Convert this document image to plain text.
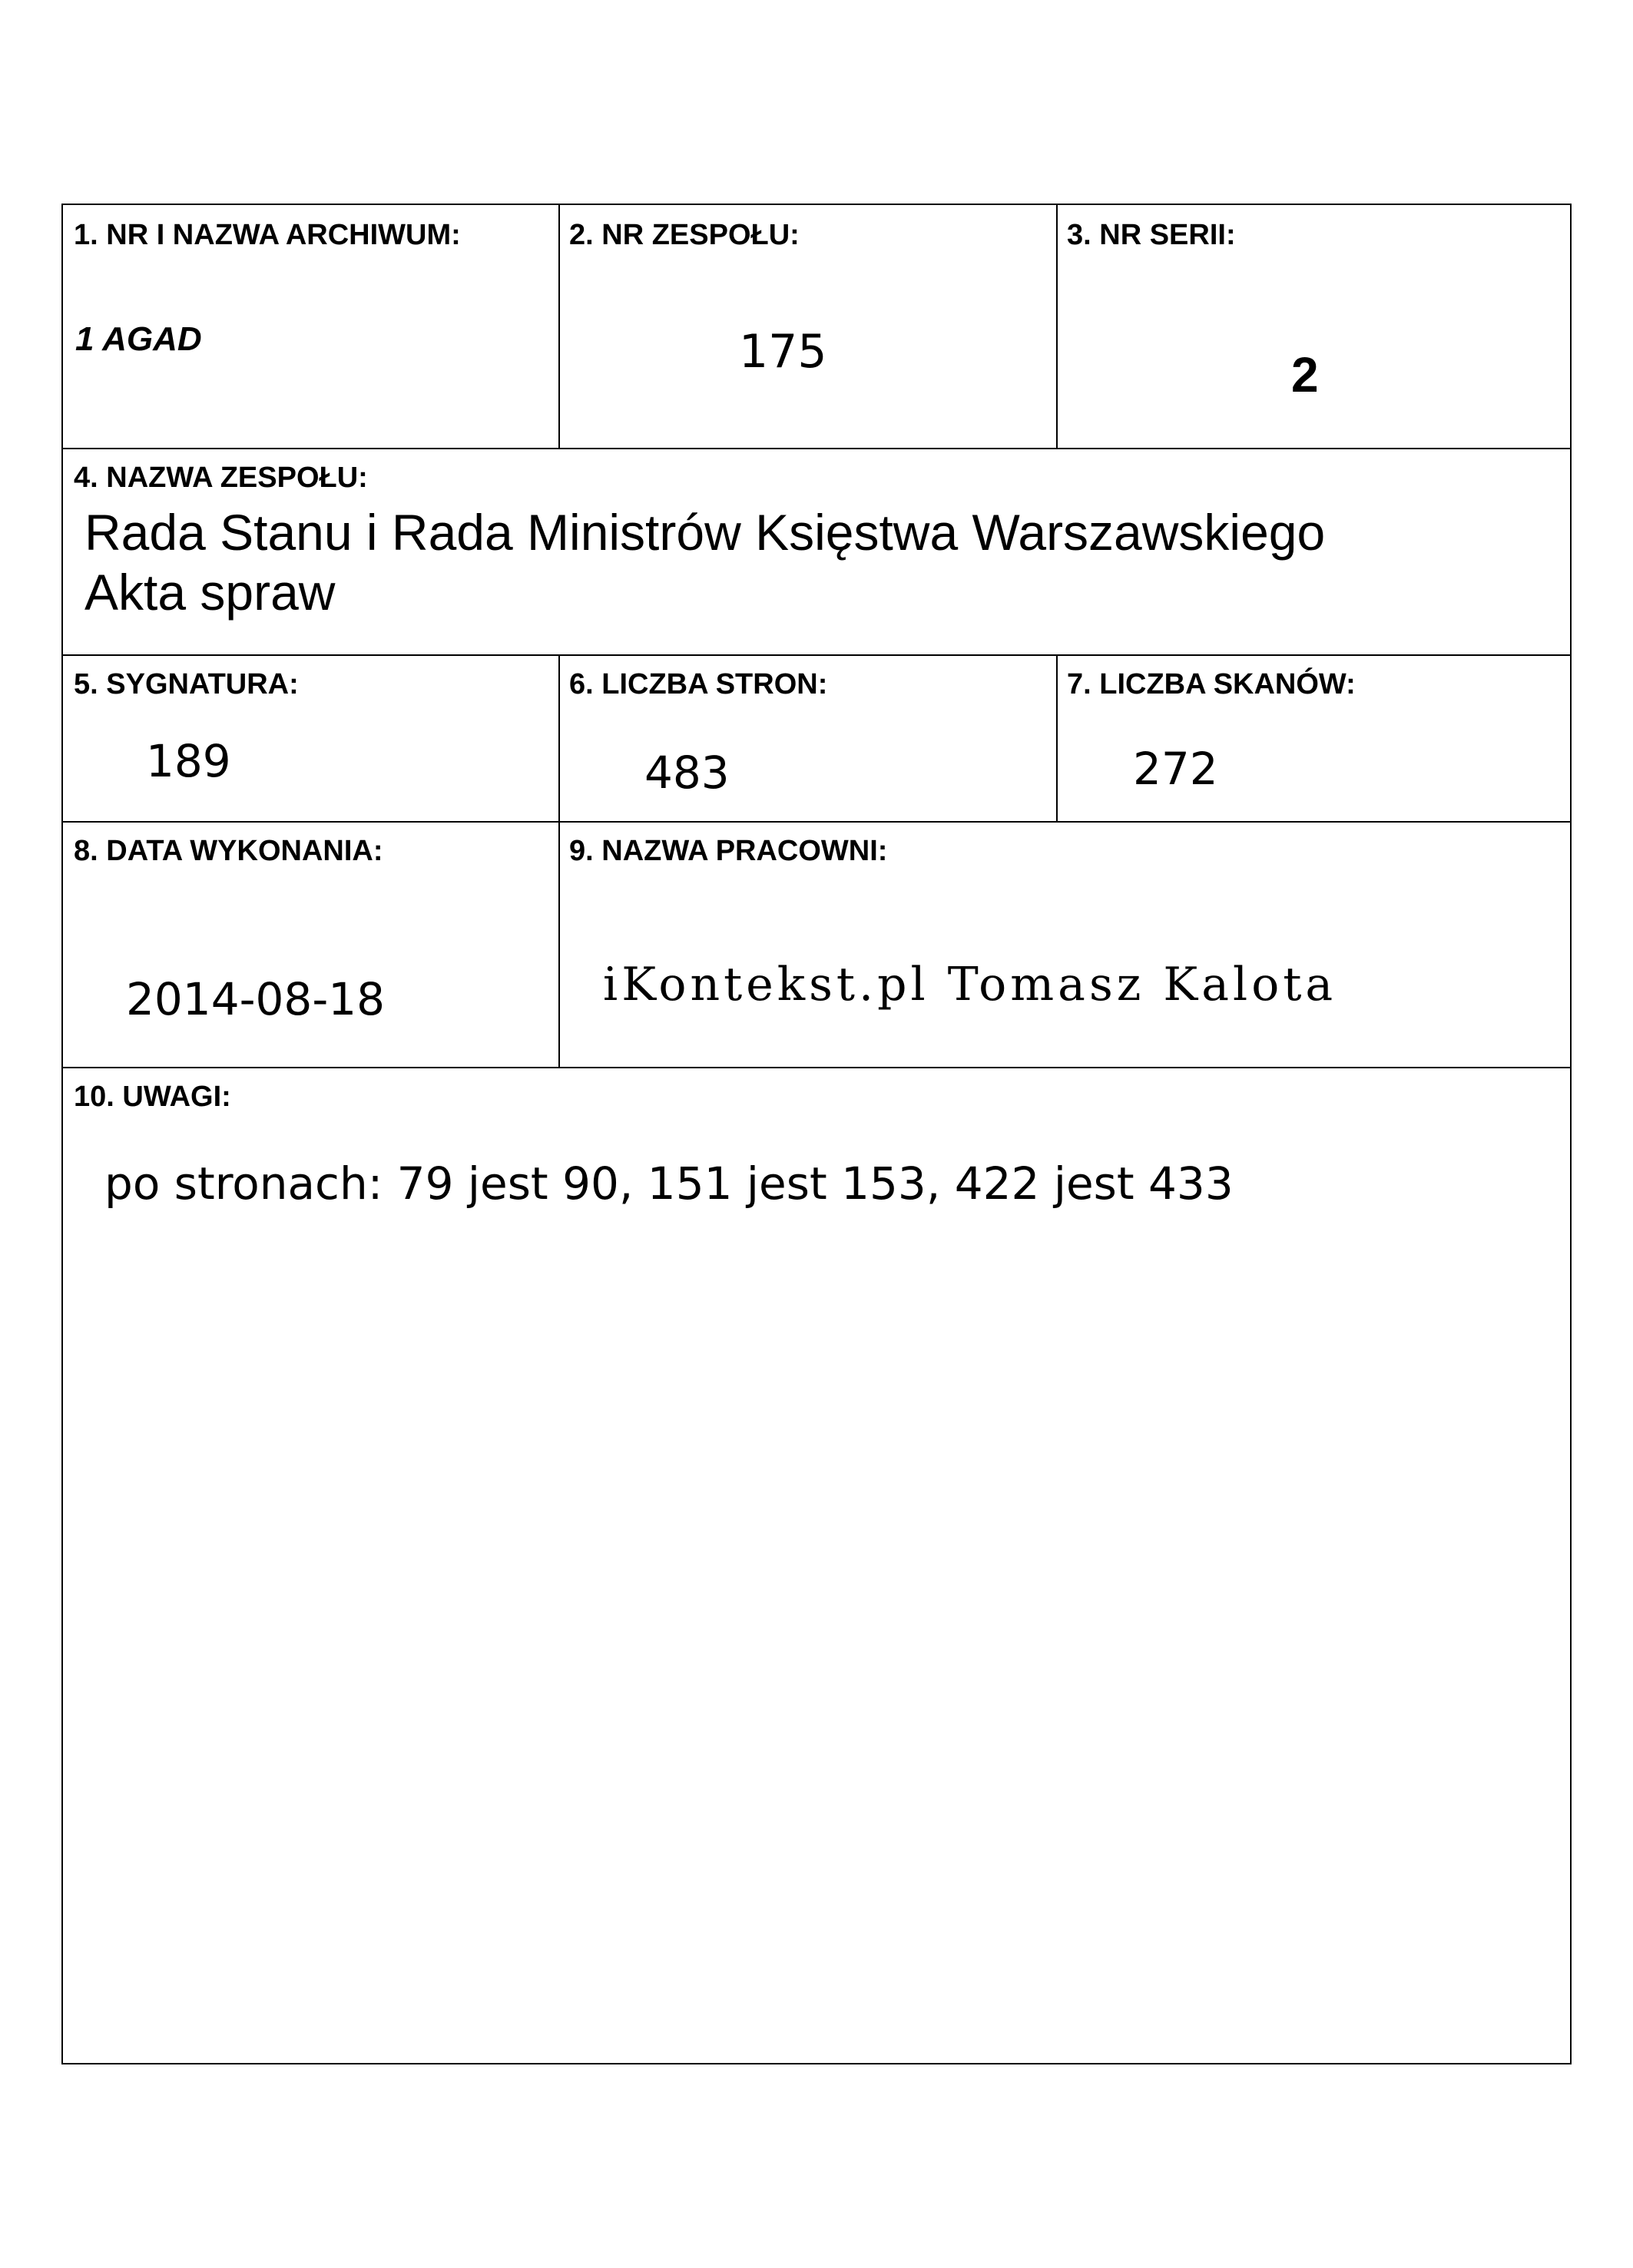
1. NR I NAZWA ARCHIWUM:
1 AGAD
2. NR ZESPOŁU:
175
3. NR SERII:
2
4. NAZWA ZESPOŁU:
Rada Stanu i Rada Ministrów Księstwa Warszawskiego
Akta spraw
5. SYGNATURA:
189
6. LICZBA STRON:
483
7. LICZBA SKANÓW:
272
8. DATA WYKONANIA:
2014-08-18
9. NAZWA PRACOWNI:
iKontekst.pl Tomasz Kalota
10. UWAGI:
po stronach: 79 jest 90, 151 jest 153, 422 jest 433
